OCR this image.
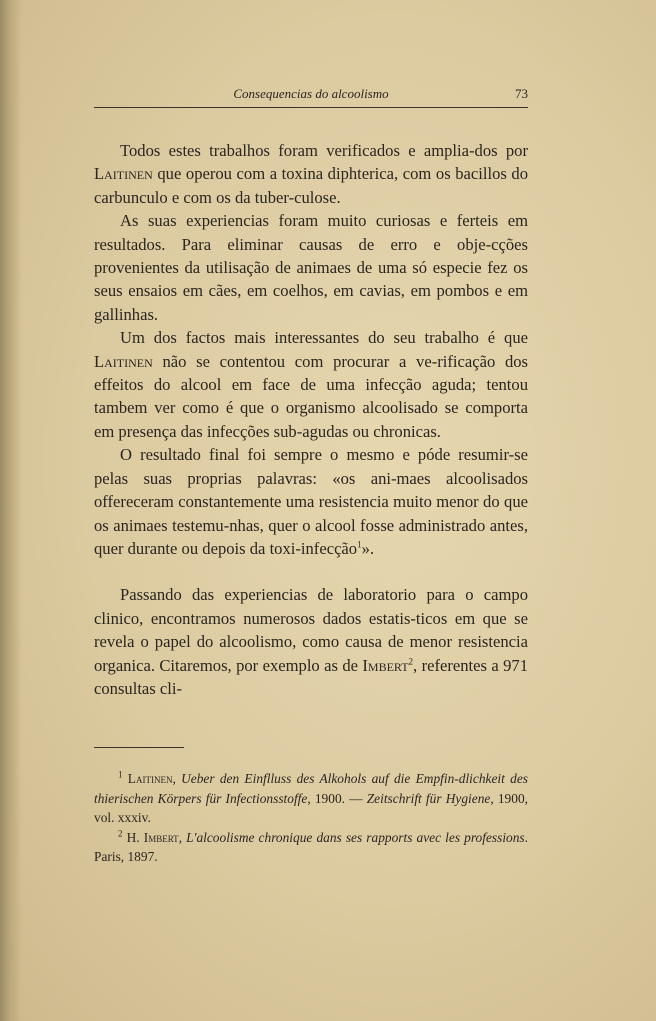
Consequencias do alcoolismo	73

Todos estes trabalhos foram verificados e amplia-dos por Laitinen que operou com a toxina diphterica, com os bacillos do carbunculo e com os da tuber-culose.

As suas experiencias foram muito curiosas e ferteis em resultados. Para eliminar causas de erro e obje-cções provenientes da utilisação de animaes de uma só especie fez os seus ensaios em cães, em coelhos, em cavias, em pombos e em gallinhas.

Um dos factos mais interessantes do seu trabalho é que Laitinen não se contentou com procurar a ve-rificação dos effeitos do alcool em face de uma infecção aguda; tentou tambem ver como é que o organismo alcoolisado se comporta em presença das infecções sub-agudas ou chronicas.

O resultado final foi sempre o mesmo e póde resumir-se pelas suas proprias palavras: «os ani-maes alcoolisados offereceram constantemente uma resistencia muito menor do que os animaes testemu-nhas, quer o alcool fosse administrado antes, quer durante ou depois da toxi-infecção$^1$».

Passando das experiencias de laboratorio para o campo clinico, encontramos numerosos dados estatis-ticos em que se revela o papel do alcoolismo, como causa de menor resistencia organica. Citaremos, por exemplo as de Imbert$^2$, referentes a 971 consultas cli-

$^1$ Laitinen, Ueber den Einflluss des Alkohols auf die Empfin-dlichkeit des thierischen Körpers für Infectionsstoffe, 1900. — Zeitschrift für Hygiene, 1900, vol. xxxiv.

$^2$ H. Imbert, L'alcoolisme chronique dans ses rapports avec les professions. Paris, 1897.
